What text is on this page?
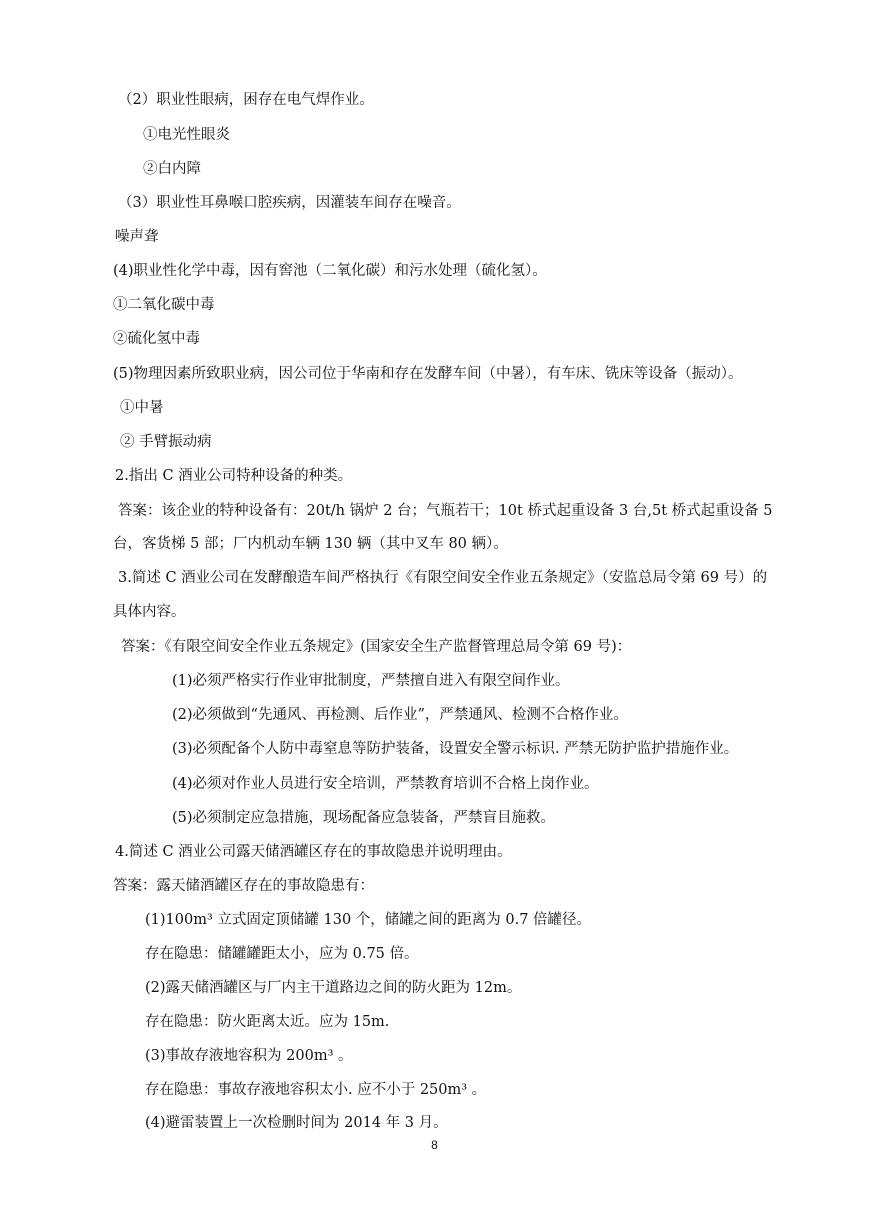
（2）职业性眼病，困存在电气焊作业。
①电光性眼炎
②白内障
（3）职业性耳鼻喉口腔疾病，因灌装车间存在噪音。
噪声聋
(4)职业性化学中毒，因有窖池（二氧化碳）和污水处理（硫化氢）。
①二氧化碳中毒
②硫化氢中毒
(5)物理因素所致职业病，因公司位于华南和存在发酵车间（中暑），有车床、铣床等设备（振动）。
①中暑
② 手臂振动病
2.指出 C 酒业公司特种设备的种类。
答案：该企业的特种设备有：20t/h 锅炉 2 台；气瓶若干；10t 桥式起重设备 3 台,5t 桥式起重设备 5
台，客货梯 5 部；厂内机动车辆 130 辆（其中叉车 80 辆）。
3.简述 C 酒业公司在发酵酿造车间严格执行《有限空间安全作业五条规定》（安监总局令第 69 号）的
具体内容。
答案：《有限空间安全作业五条规定》(国家安全生产监督管理总局令第 69 号)：
(1)必须严格实行作业审批制度，严禁擅自进入有限空间作业。
(2)必须做到“先通风、再检测、后作业”，严禁通风、检测不合格作业。
(3)必须配备个人防中毒窒息等防护装备，设置安全警示标识. 严禁无防护监护措施作业。
(4)必须对作业人员进行安全培训，严禁教育培训不合格上岗作业。
(5)必须制定应急措施，现场配备应急装备，严禁盲目施救。
4.简述 C 酒业公司露天储酒罐区存在的事故隐患并说明理由。
答案：露天储酒罐区存在的事故隐患有：
(1)100m³ 立式固定顶储罐 130 个，储罐之间的距离为 0.7 倍罐径。
存在隐患：储罐罐距太小，应为 0.75 倍。
(2)露天储酒罐区与厂内主干道路边之间的防火距为 12m。
存在隐患：防火距离太近。应为 15m.
(3)事故存液地容积为 200m³ 。
存在隐患：事故存液地容积太小. 应不小于 250m³ 。
(4)避雷装置上一次检删时间为 2014 年 3 月。
8
